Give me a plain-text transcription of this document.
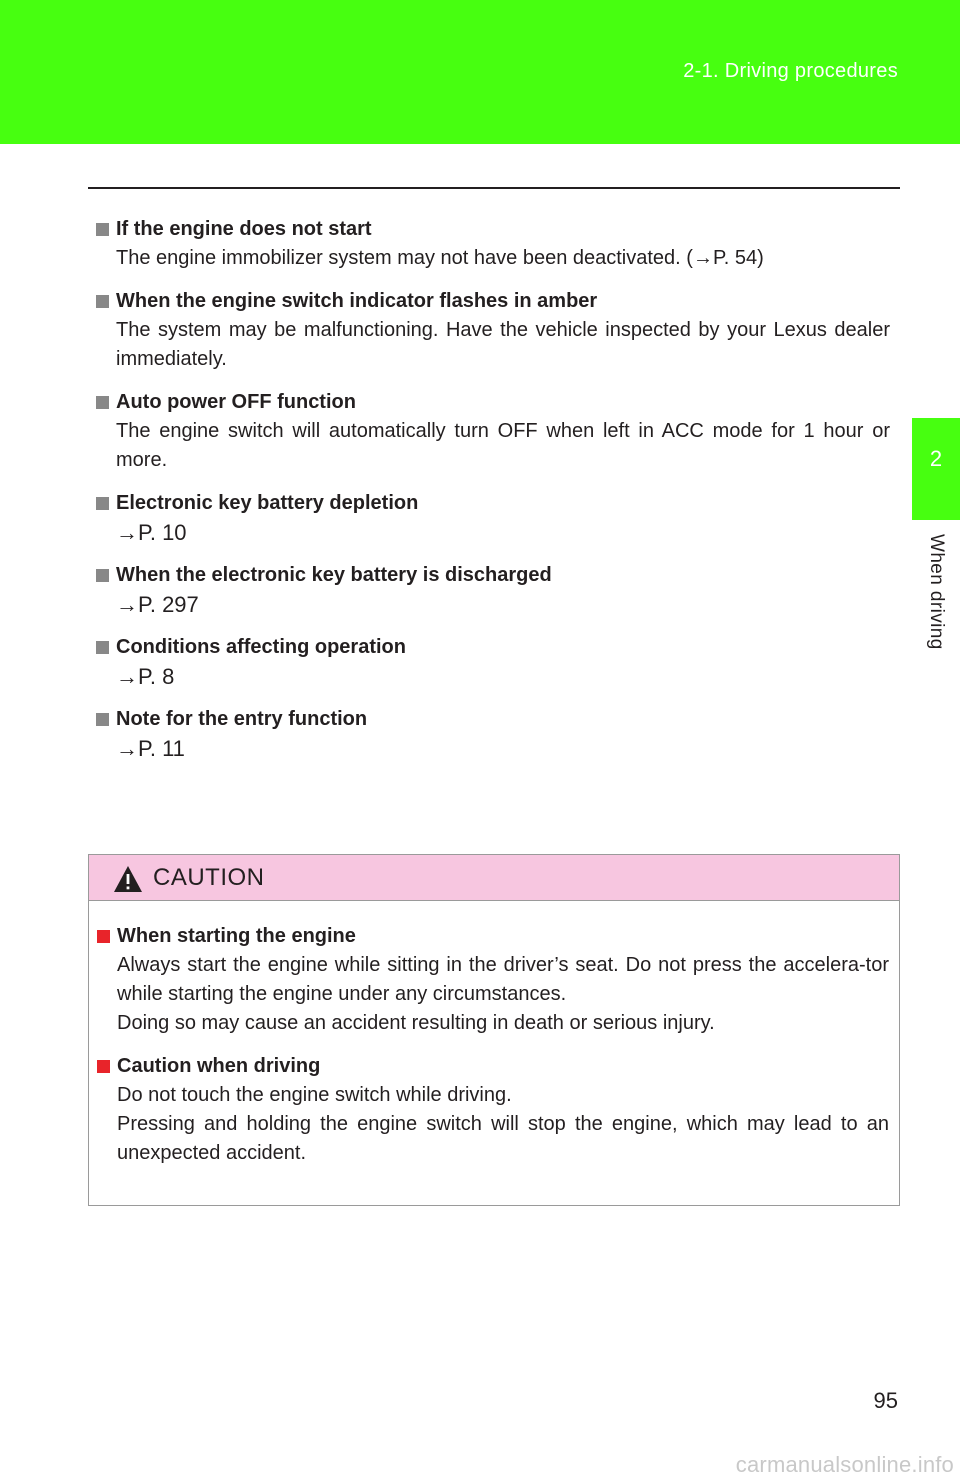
2-1. Driving procedures
2
When driving
If the engine does not start
The engine immobilizer system may not have been deactivated. (→P. 54)
When the engine switch indicator flashes in amber
The system may be malfunctioning. Have the vehicle inspected by your Lexus dealer immediately.
Auto power OFF function
The engine switch will automatically turn OFF when left in ACC mode for 1 hour or more.
Electronic key battery depletion
→P. 10
When the electronic key battery is discharged
→P. 297
Conditions affecting operation
→P. 8
Note for the entry function
→P. 11
CAUTION
When starting the engine
Always start the engine while sitting in the driver’s seat. Do not press the accelera-tor while starting the engine under any circumstances.
Doing so may cause an accident resulting in death or serious injury.
Caution when driving
Do not touch the engine switch while driving.
Pressing and holding the engine switch will stop the engine, which may lead to an unexpected accident.
95
carmanualsonline.info
